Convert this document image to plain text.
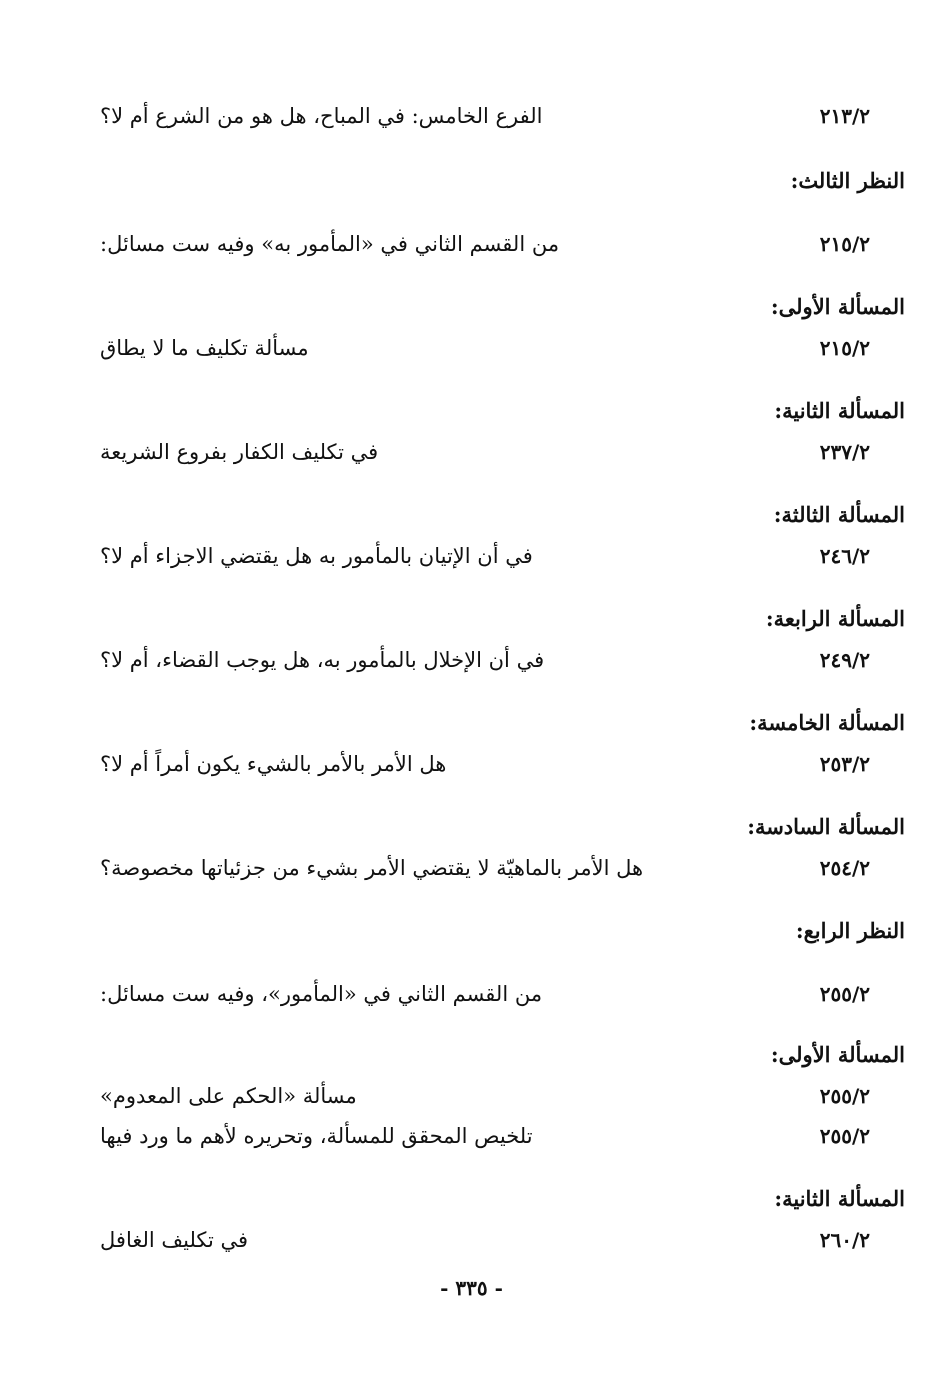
الفرع الخامس: في المباح، هل هو من الشرع أم لا؟	٢١٣/٢
النظر الثالث:
من القسم الثاني في «المأمور به» وفيه ست مسائل:	٢١٥/٢
المسألة الأولى:
مسألة تكليف ما لا يطاق	٢١٥/٢
المسألة الثانية:
في تكليف الكفار بفروع الشريعة	٢٣٧/٢
المسألة الثالثة:
في أن الإتيان بالمأمور به هل يقتضي الاجزاء أم لا؟	٢٤٦/٢
المسألة الرابعة:
في أن الإخلال بالمأمور به، هل يوجب القضاء، أم لا؟	٢٤٩/٢
المسألة الخامسة:
هل الأمر بالأمر بالشيء يكون أمراً أم لا؟	٢٥٣/٢
المسألة السادسة:
هل الأمر بالماهيّة لا يقتضي الأمر بشيء من جزئياتها مخصوصة؟	٢٥٤/٢
النظر الرابع:
من القسم الثاني في «المأمور»، وفيه ست مسائل:	٢٥٥/٢
المسألة الأولى:
مسألة «الحكم على المعدوم»	٢٥٥/٢
تلخيص المحقق للمسألة، وتحريره لأهم ما ورد فيها	٢٥٥/٢
المسألة الثانية:
في تكليف الغافل	٢٦٠/٢
- ٣٣٥ -
